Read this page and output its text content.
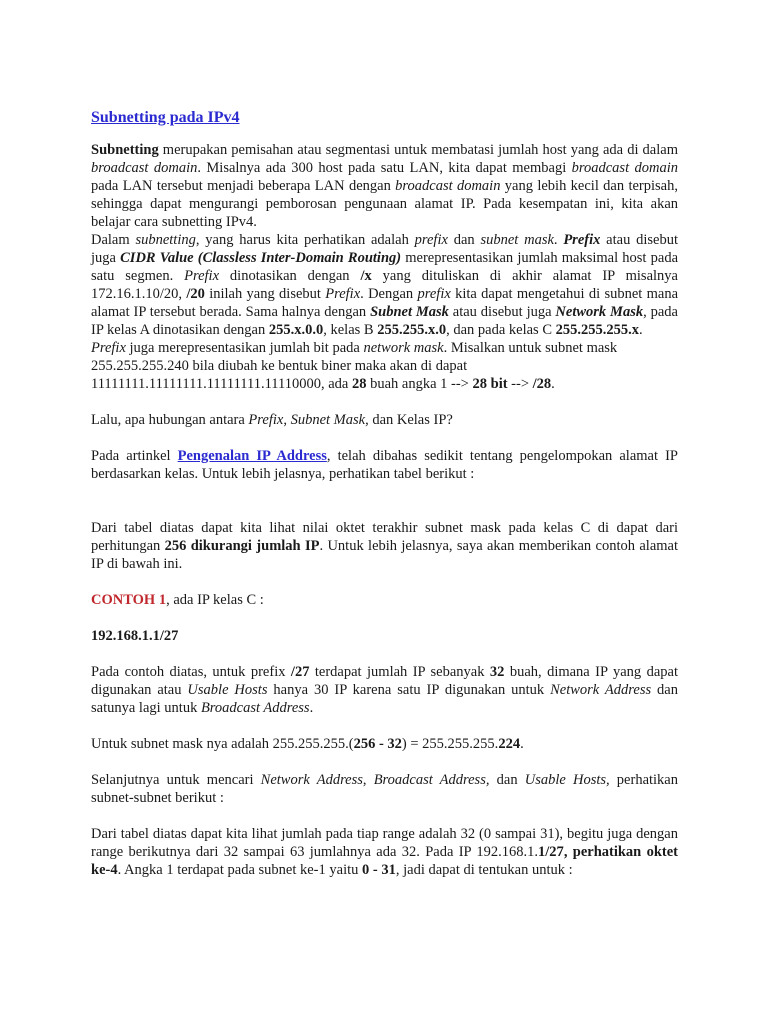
Subnetting pada IPv4

Subnetting merupakan pemisahan atau segmentasi untuk membatasi jumlah host yang ada di dalam broadcast domain. Misalnya ada 300 host pada satu LAN, kita dapat membagi broadcast domain pada LAN tersebut menjadi beberapa LAN dengan broadcast domain yang lebih kecil dan terpisah, sehingga dapat mengurangi pemborosan pengunaan alamat IP. Pada kesempatan ini, kita akan belajar cara subnetting IPv4.

Dalam subnetting, yang harus kita perhatikan adalah prefix dan subnet mask. Prefix atau disebut juga CIDR Value (Classless Inter-Domain Routing) merepresentasikan jumlah maksimal host pada satu segmen. Prefix dinotasikan dengan /x yang dituliskan di akhir alamat IP misalnya 172.16.1.10/20, /20 inilah yang disebut Prefix. Dengan prefix kita dapat mengetahui di subnet mana alamat IP tersebut berada. Sama halnya dengan Subnet Mask atau disebut juga Network Mask, pada IP kelas A dinotasikan dengan 255.x.0.0, kelas B 255.255.x.0, dan pada kelas C 255.255.255.x.

Prefix juga merepresentasikan jumlah bit pada network mask. Misalkan untuk subnet mask 255.255.255.240 bila diubah ke bentuk biner maka akan di dapat 11111111.11111111.11111111.11110000, ada 28 buah angka 1 --> 28 bit --> /28.

Lalu, apa hubungan antara Prefix, Subnet Mask, dan Kelas IP?

Pada artinkel Pengenalan IP Address, telah dibahas sedikit tentang pengelompokan alamat IP berdasarkan kelas. Untuk lebih jelasnya, perhatikan tabel berikut :

Dari tabel diatas dapat kita lihat nilai oktet terakhir subnet mask pada kelas C di dapat dari perhitungan 256 dikurangi jumlah IP. Untuk lebih jelasnya, saya akan memberikan contoh alamat IP di bawah ini.

CONTOH 1, ada IP kelas C :

192.168.1.1/27

Pada contoh diatas, untuk prefix /27 terdapat jumlah IP sebanyak 32 buah, dimana IP yang dapat digunakan atau Usable Hosts hanya 30 IP karena satu IP digunakan untuk Network Address dan satunya lagi untuk Broadcast Address.

Untuk subnet mask nya adalah 255.255.255.(256 - 32) = 255.255.255.224.

Selanjutnya untuk mencari Network Address, Broadcast Address, dan Usable Hosts, perhatikan subnet-subnet berikut :

Dari tabel diatas dapat kita lihat jumlah pada tiap range adalah 32 (0 sampai 31), begitu juga dengan range berikutnya dari 32 sampai 63 jumlahnya ada 32. Pada IP 192.168.1.1/27, perhatikan oktet ke-4. Angka 1 terdapat pada subnet ke-1 yaitu 0 - 31, jadi dapat di tentukan untuk :
